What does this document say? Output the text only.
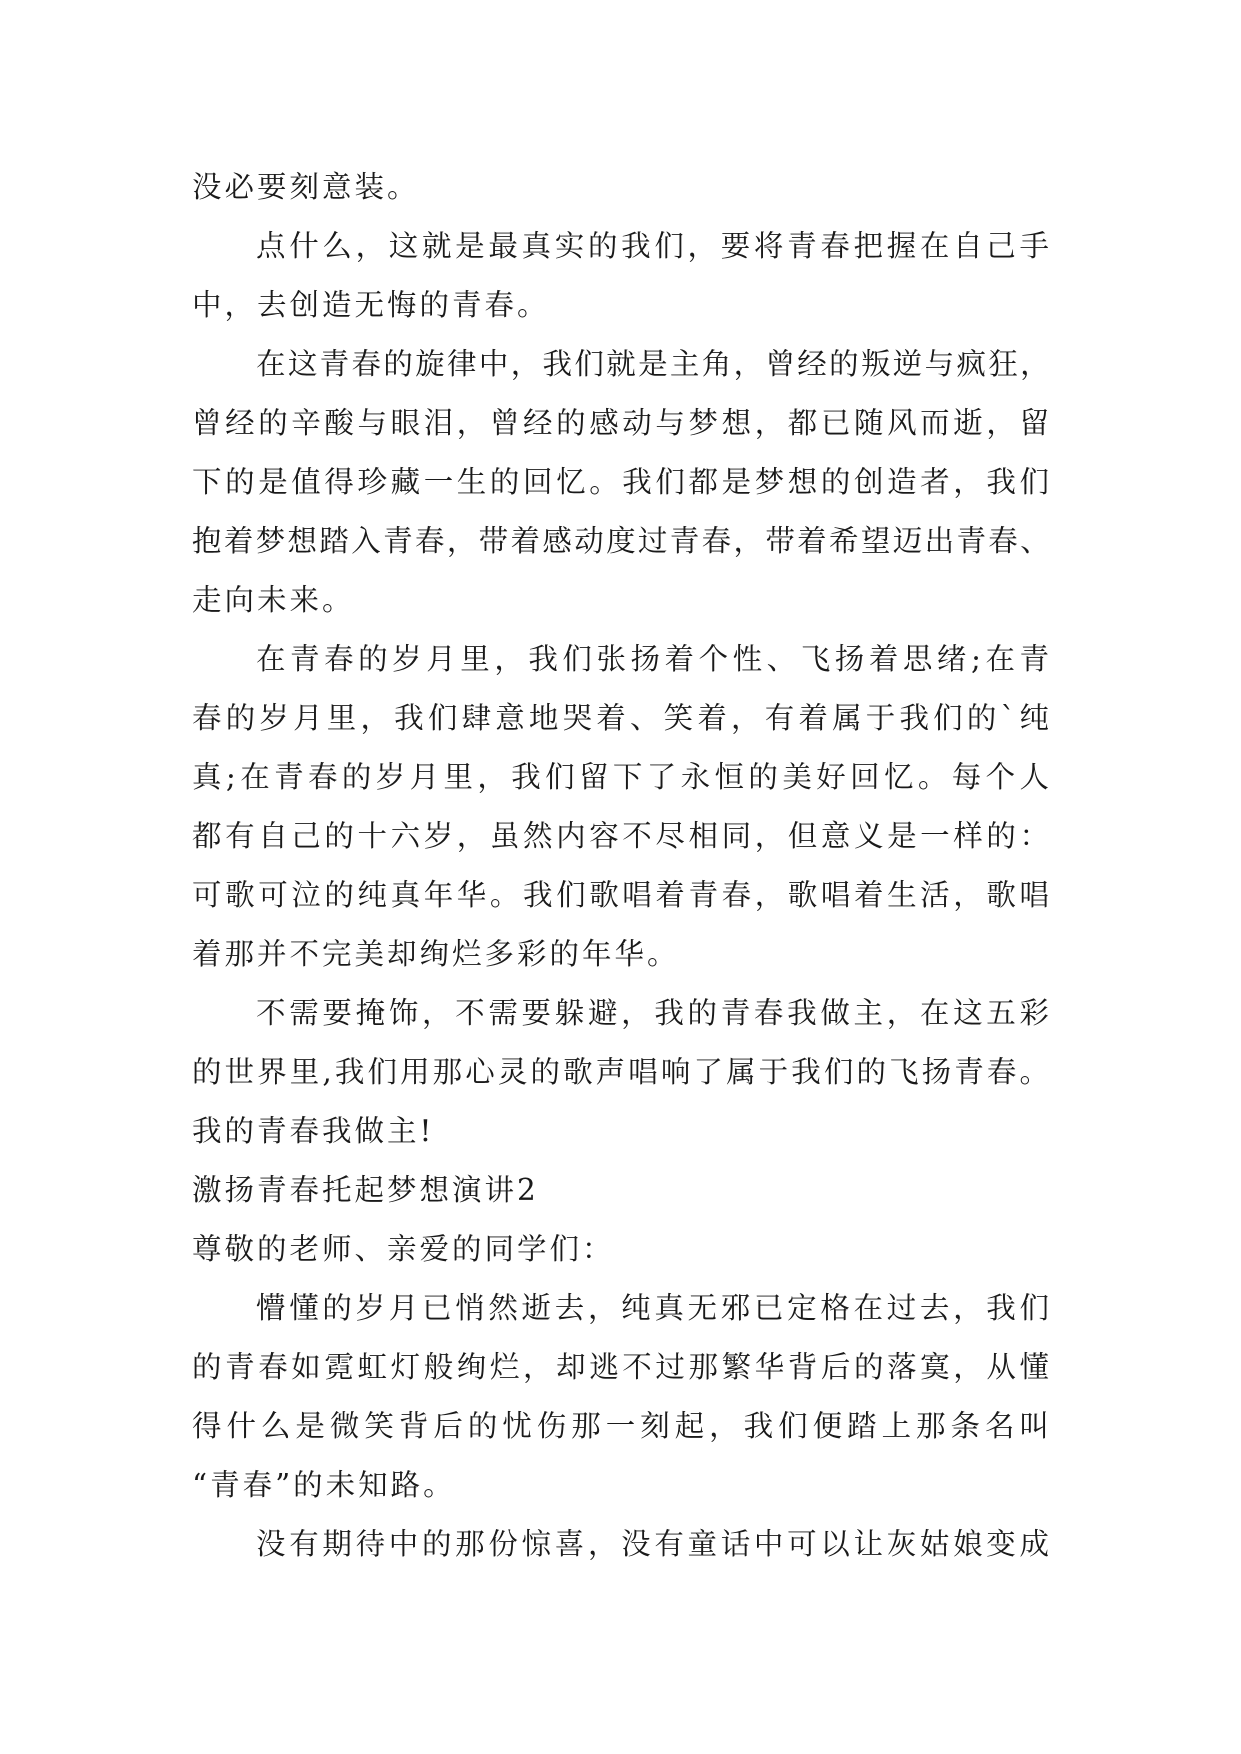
没必要刻意装。
点什么，这就是最真实的我们，要将青春把握在自己手
中，去创造无悔的青春。
在这青春的旋律中，我们就是主角，曾经的叛逆与疯狂，
曾经的辛酸与眼泪，曾经的感动与梦想，都已随风而逝，留
下的是值得珍藏一生的回忆。我们都是梦想的创造者，我们
抱着梦想踏入青春，带着感动度过青春，带着希望迈出青春、
走向未来。
在青春的岁月里，我们张扬着个性、飞扬着思绪;在青
春的岁月里，我们肆意地哭着、笑着，有着属于我们的`纯
真;在青春的岁月里，我们留下了永恒的美好回忆。每个人
都有自己的十六岁，虽然内容不尽相同，但意义是一样的：
可歌可泣的纯真年华。我们歌唱着青春，歌唱着生活，歌唱
着那并不完美却绚烂多彩的年华。
不需要掩饰，不需要躲避，我的青春我做主，在这五彩
的世界里,我们用那心灵的歌声唱响了属于我们的飞扬青春。
我的青春我做主!
激扬青春托起梦想演讲2
尊敬的老师、亲爱的同学们：
懵懂的岁月已悄然逝去，纯真无邪已定格在过去，我们
的青春如霓虹灯般绚烂，却逃不过那繁华背后的落寞，从懂
得什么是微笑背后的忧伤那一刻起，我们便踏上那条名叫
“青春”的未知路。
没有期待中的那份惊喜，没有童话中可以让灰姑娘变成
